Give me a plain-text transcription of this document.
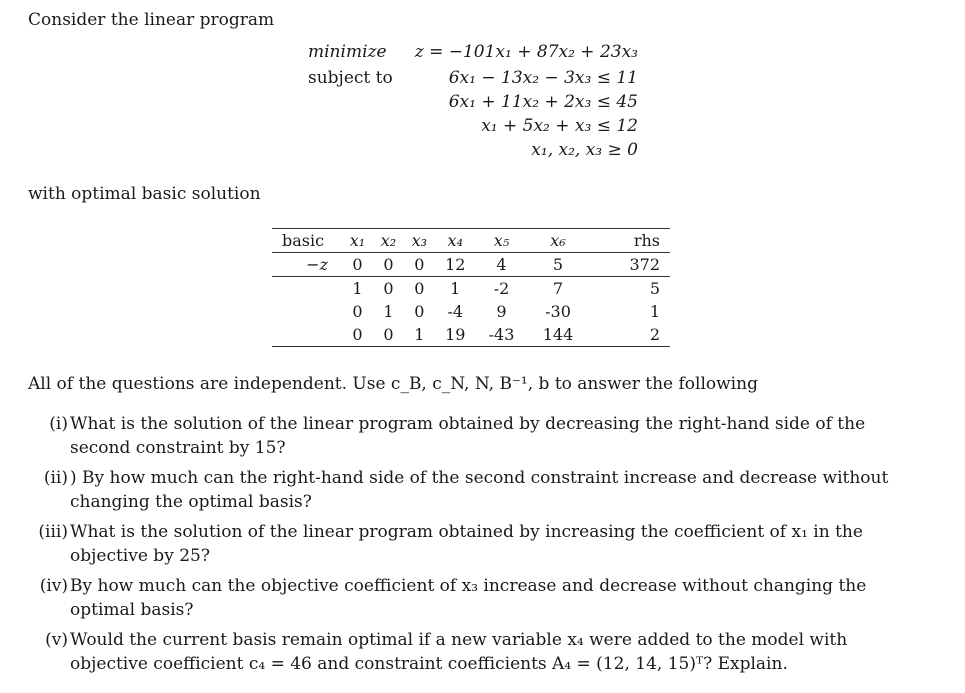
Consider the linear program
minimize
subject to
z = −101x₁ + 87x₂ + 23x₃
6x₁ − 13x₂ − 3x₃ ≤ 11
6x₁ + 11x₂ + 2x₃ ≤ 45
x₁ + 5x₂ + x₃ ≤ 12
x₁, x₂, x₃ ≥ 0
with optimal basic solution
basic	x₁	x₂	x₃	x₄	x₅	x₆	rhs
−z	0	0	0	12	4	5	372
	1	0	0	1	-2	7	5
	0	1	0	-4	9	-30	1
	0	0	1	19	-43	144	2
All of the questions are independent. Use c_B, c_N, N, B⁻¹, b to answer the following
(i) What is the solution of the linear program obtained by decreasing the right-hand side of the second constraint by 15?
(ii) ) By how much can the right-hand side of the second constraint increase and decrease without changing the optimal basis?
(iii) What is the solution of the linear program obtained by increasing the coefficient of x₁ in the objective by 25?
(iv) By how much can the objective coefficient of x₃ increase and decrease without changing the optimal basis?
(v) Would the current basis remain optimal if a new variable x₄ were added to the model with objective coefficient c₄ = 46 and constraint coefficients A₄ = (12, 14, 15)ᵀ? Explain.
